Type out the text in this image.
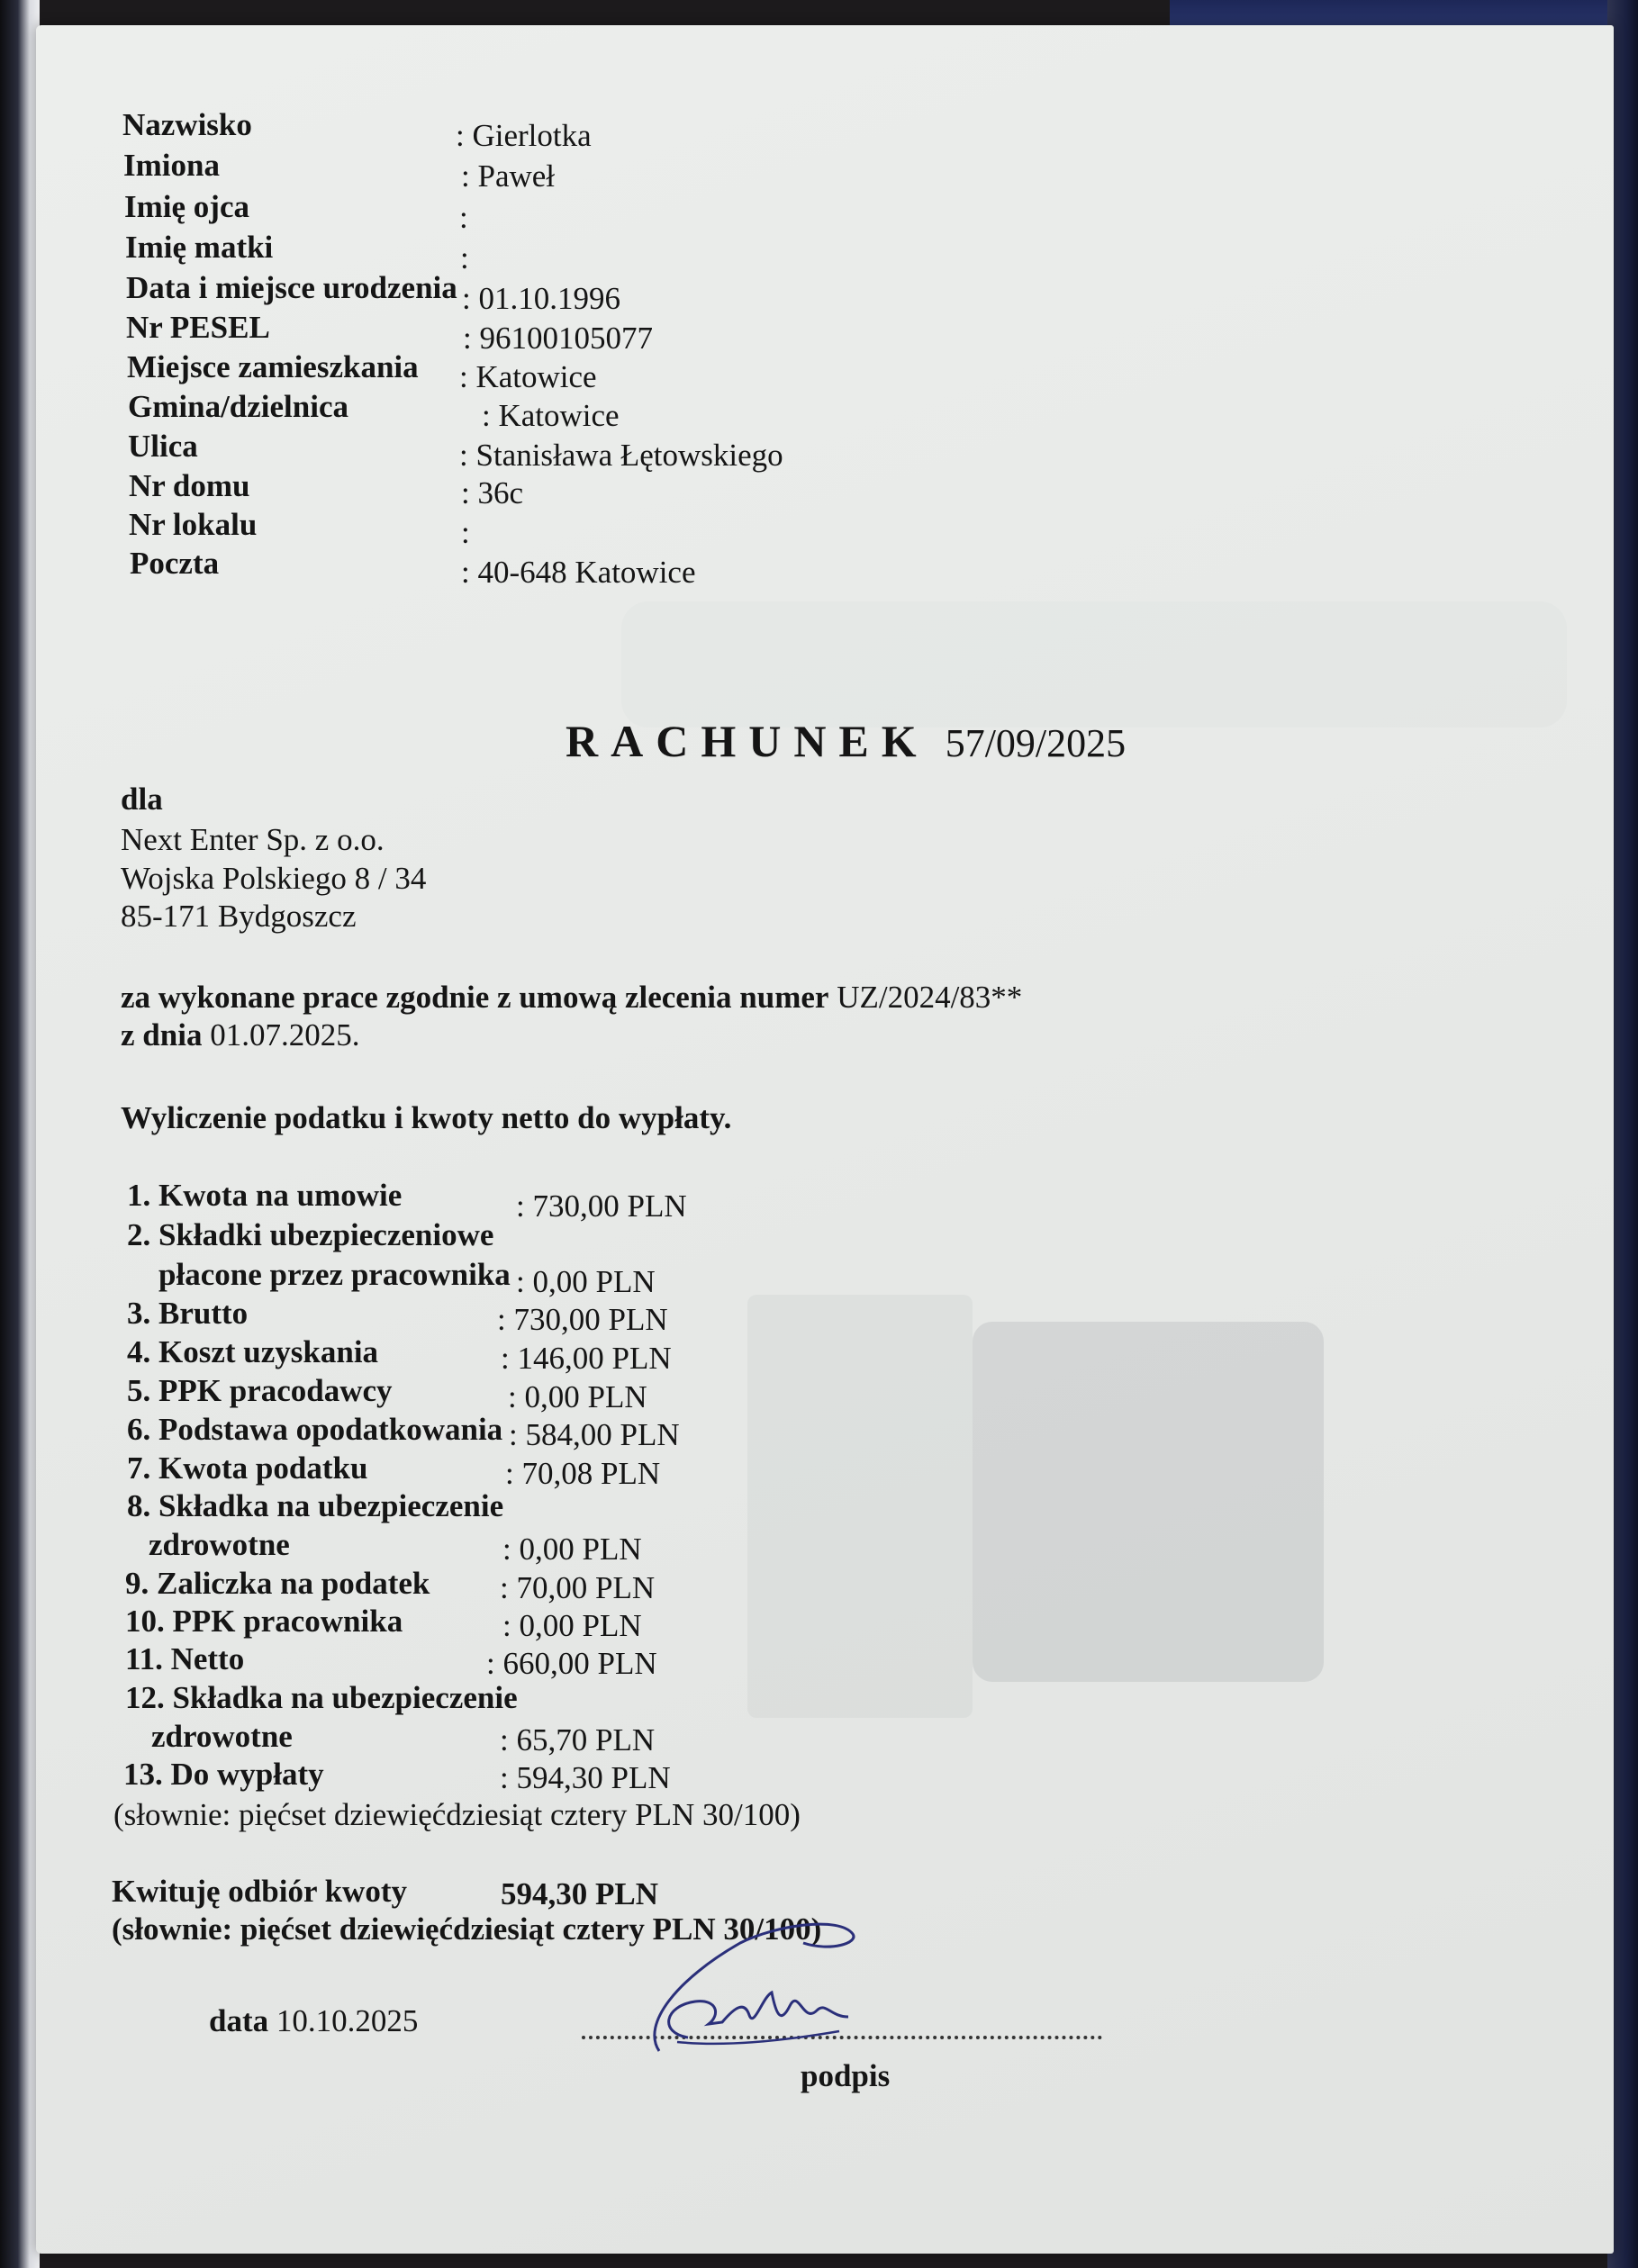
Nazwisko	: Gierlotka
Imiona	: Paweł
Imię ojca	:
Imię matki	:
Data i miejsce urodzenia : 01.10.1996
Nr PESEL	: 96100105077
Miejsce zamieszkania : Katowice
Gmina/dzielnica	: Katowice
Ulica	: Stanisława Łętowskiego
Nr domu	: 36c
Nr lokalu	:
Poczta	: 40-648 Katowice
RACHUNEK 57/09/2025
dla
Next Enter Sp. z o.o.
Wojska Polskiego 8 / 34
85-171 Bydgoszcz
za wykonane prace zgodnie z umową zlecenia numer UZ/2024/83**
z dnia 01.07.2025.
Wyliczenie podatku i kwoty netto do wypłaty.
1. Kwota na umowie	: 730,00 PLN
2. Składki ubezpieczeniowe
płacone przez pracownika : 0,00 PLN
3. Brutto	: 730,00 PLN
4. Koszt uzyskania	: 146,00 PLN
5. PPK pracodawcy	: 0,00 PLN
6. Podstawa opodatkowania : 584,00 PLN
7. Kwota podatku	: 70,08 PLN
8. Składka na ubezpieczenie
zdrowotne	: 0,00 PLN
9. Zaliczka na podatek : 70,00 PLN
10. PPK pracownika	: 0,00 PLN
11. Netto	: 660,00 PLN
12. Składka na ubezpieczenie
zdrowotne	: 65,70 PLN
13. Do wypłaty	: 594,30 PLN
(słownie: pięćset dziewięćdziesiąt cztery PLN 30/100)
Kwituję odbiór kwoty	594,30 PLN
(słownie: pięćset dziewięćdziesiąt cztery PLN 30/100)
data 10.10.2025
podpis
